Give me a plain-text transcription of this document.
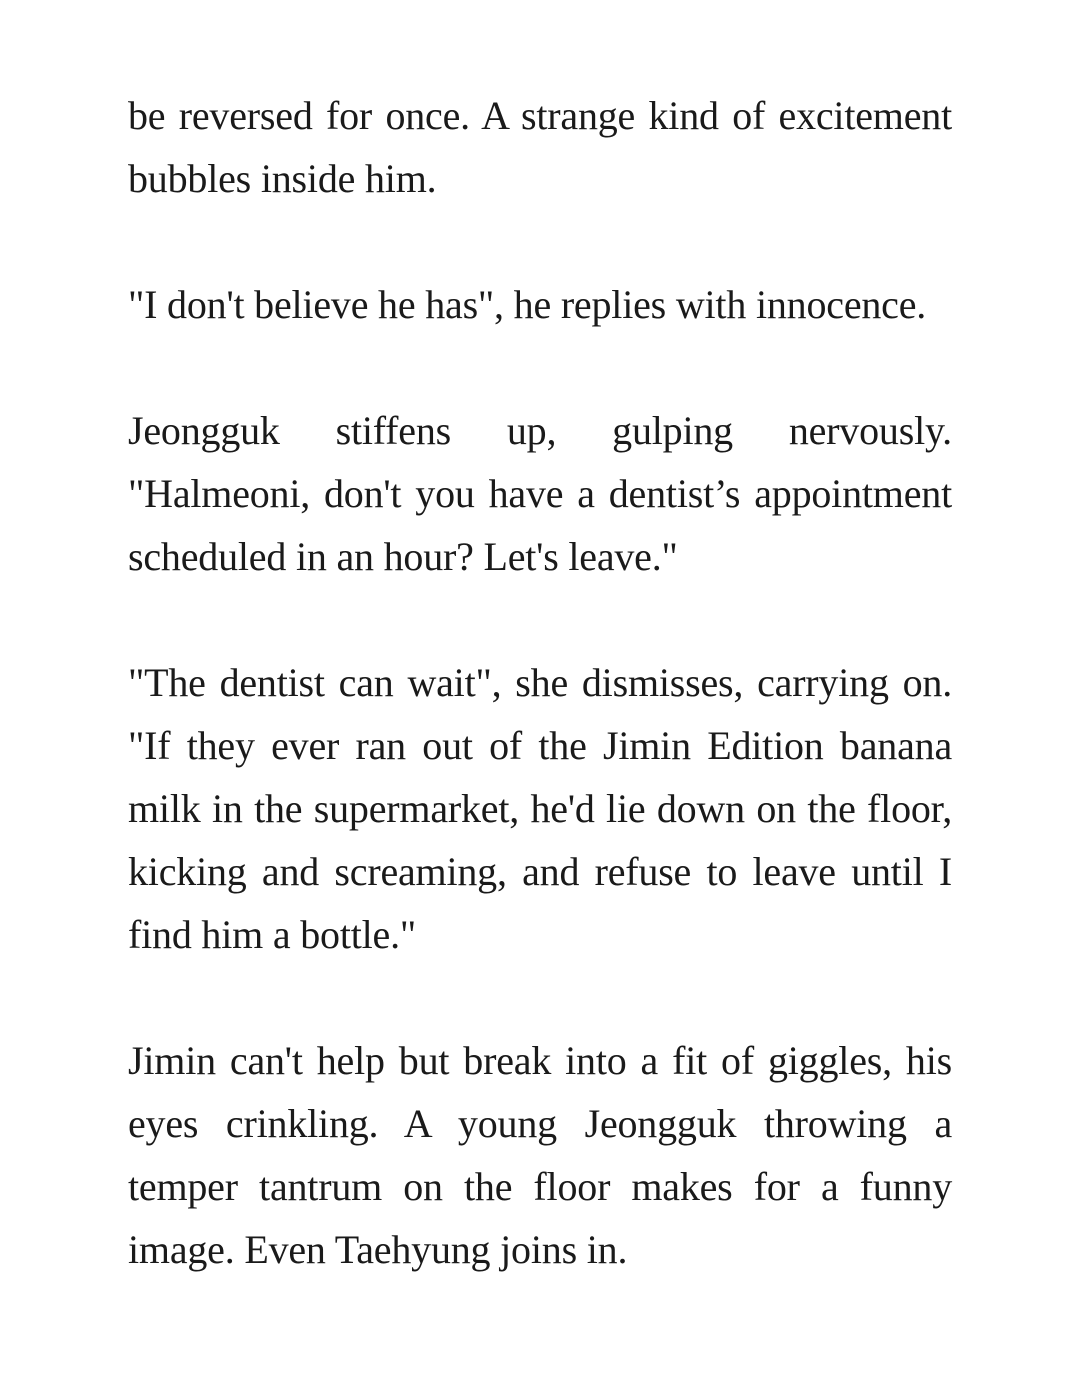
be reversed for once. A strange kind of excitement bubbles inside him.

"I don't believe he has", he replies with innocence.

Jeongguk stiffens up, gulping nervously. "Halmeoni, don't you have a dentist’s appointment scheduled in an hour? Let's leave."

"The dentist can wait", she dismisses, carrying on. "If they ever ran out of the Jimin Edition banana milk in the supermarket, he'd lie down on the floor, kicking and screaming, and refuse to leave until I find him a bottle."

Jimin can't help but break into a fit of giggles, his eyes crinkling. A young Jeongguk throwing a temper tantrum on the floor makes for a funny image. Even Taehyung joins in.
